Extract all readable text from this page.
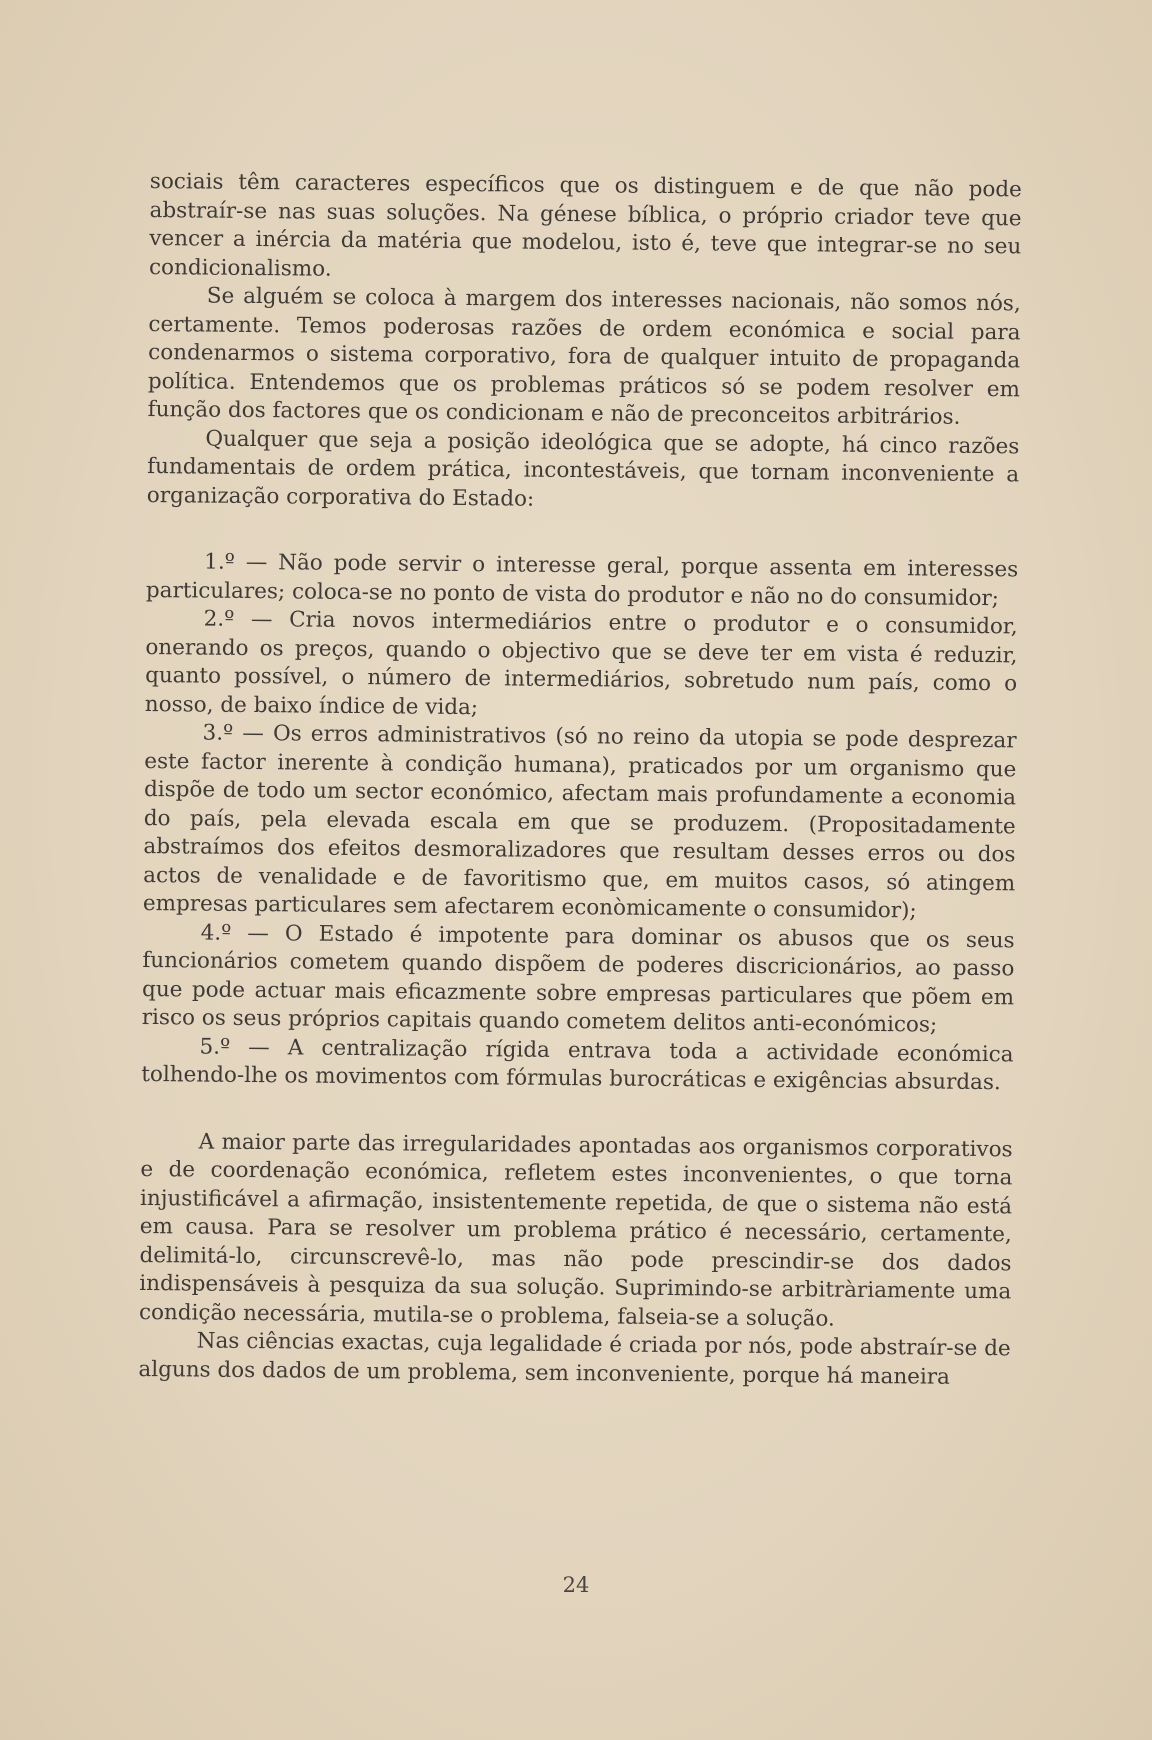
sociais têm caracteres específicos que os distinguem e de que não pode abstraír-se nas suas soluções. Na génese bíblica, o próprio criador teve que vencer a inércia da matéria que modelou, isto é, teve que integrar-se no seu condicionalismo.

Se alguém se coloca à margem dos interesses nacionais, não somos nós, certamente. Temos poderosas razões de ordem económica e social para condenarmos o sistema corporativo, fora de qualquer intuito de propaganda política. Entendemos que os problemas práticos só se podem resolver em função dos factores que os condicionam e não de preconceitos arbitrários.

Qualquer que seja a posição ideológica que se adopte, há cinco razões fundamentais de ordem prática, incontestáveis, que tornam inconveniente a organização corporativa do Estado:

1.º — Não pode servir o interesse geral, porque assenta em interesses particulares; coloca-se no ponto de vista do produtor e não no do consumidor;

2.º — Cria novos intermediários entre o produtor e o consumidor, onerando os preços, quando o objectivo que se deve ter em vista é reduzir, quanto possível, o número de intermediários, sobretudo num país, como o nosso, de baixo índice de vida;

3.º — Os erros administrativos (só no reino da utopia se pode desprezar este factor inerente à condição humana), praticados por um organismo que dispõe de todo um sector económico, afectam mais profundamente a economia do país, pela elevada escala em que se produzem. (Propositadamente abstraímos dos efeitos desmoralizadores que resultam desses erros ou dos actos de venalidade e de favoritismo que, em muitos casos, só atingem empresas particulares sem afectarem econòmicamente o consumidor);

4.º — O Estado é impotente para dominar os abusos que os seus funcionários cometem quando dispõem de poderes discricionários, ao passo que pode actuar mais eficazmente sobre empresas particulares que põem em risco os seus próprios capitais quando cometem delitos anti-económicos;

5.º — A centralização rígida entrava toda a actividade económica tolhendo-lhe os movimentos com fórmulas burocráticas e exigências absurdas.

A maior parte das irregularidades apontadas aos organismos corporativos e de coordenação económica, refletem estes inconvenientes, o que torna injustificável a afirmação, insistentemente repetida, de que o sistema não está em causa. Para se resolver um problema prático é necessário, certamente, delimitá-lo, circunscrevê-lo, mas não pode prescindir-se dos dados indispensáveis à pesquiza da sua solução. Suprimindo-se arbitràriamente uma condição necessária, mutila-se o problema, falseia-se a solução.

Nas ciências exactas, cuja legalidade é criada por nós, pode abstraír-se de alguns dos dados de um problema, sem inconveniente, porque há maneira

24
